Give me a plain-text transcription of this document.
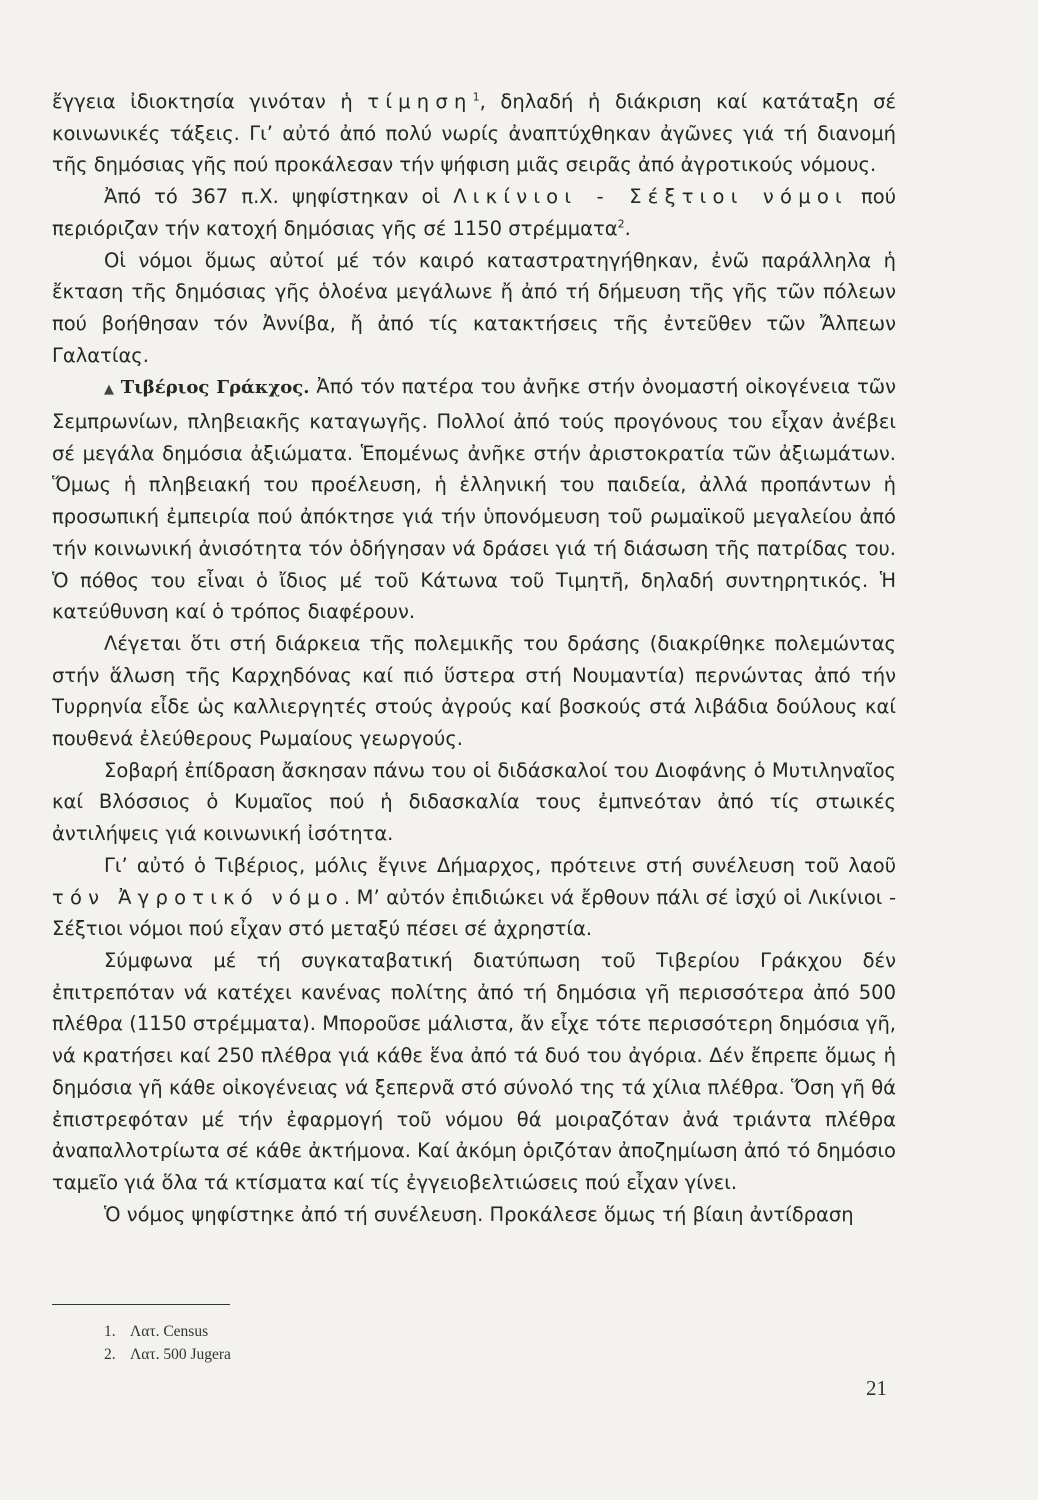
ἔγγεια ἰδιοκτησία γινόταν ἡ τίμηση$^1$, δηλαδή ἡ διάκριση καί κατάταξη σέ κοινωνικές τάξεις. Γι’ αὐτό ἀπό πολύ νωρίς ἀναπτύχθηκαν ἀγῶνες γιά τή διανομή τῆς δημόσιας γῆς πού προκάλεσαν τήν ψήφιση μιᾶς σειρᾶς ἀπό ἀγροτικούς νόμους.

Ἀπό τό 367 π.Χ. ψηφίστηκαν οἱ Λικίνιοι - Σέξτιοι νόμοι πού περιόριζαν τήν κατοχή δημόσιας γῆς σέ 1150 στρέμματα$^2$.

Οἱ νόμοι ὅμως αὐτοί μέ τόν καιρό καταστρατηγήθηκαν, ἐνῶ παράλληλα ἡ ἔκταση τῆς δημόσιας γῆς ὁλοένα μεγάλωνε ἤ ἀπό τή δήμευση τῆς γῆς τῶν πόλεων πού βοήθησαν τόν Ἀννίβα, ἤ ἀπό τίς κατακτήσεις τῆς ἐντεῦθεν τῶν Ἄλπεων Γαλατίας.

▲ Τιβέριος Γράκχος. Ἀπό τόν πατέρα του ἀνῆκε στήν ὀνομαστή οἰκογένεια τῶν Σεμπρωνίων, πληβειακῆς καταγωγῆς. Πολλοί ἀπό τούς προγόνους του εἶχαν ἀνέβει σέ μεγάλα δημόσια ἀξιώματα. Ἑπομένως ἀνῆκε στήν ἀριστοκρατία τῶν ἀξιωμάτων. Ὅμως ἡ πληβειακή του προέλευση, ἡ ἑλληνική του παιδεία, ἀλλά προπάντων ἡ προσωπική ἐμπειρία πού ἀπόκτησε γιά τήν ὑπονόμευση τοῦ ρωμαϊκοῦ μεγαλείου ἀπό τήν κοινωνική ἀνισότητα τόν ὁδήγησαν νά δράσει γιά τή διάσωση τῆς πατρίδας του. Ὁ πόθος του εἶναι ὁ ἴδιος μέ τοῦ Κάτωνα τοῦ Τιμητῆ, δηλαδή συντηρητικός. Ἡ κατεύθυνση καί ὁ τρόπος διαφέρουν.

Λέγεται ὅτι στή διάρκεια τῆς πολεμικῆς του δράσης (διακρίθηκε πολεμώντας στήν ἅλωση τῆς Καρχηδόνας καί πιό ὕστερα στή Νουμαντία) περνώντας ἀπό τήν Τυρρηνία εἶδε ὡς καλλιεργητές στούς ἀγρούς καί βοσκούς στά λιβάδια δούλους καί πουθενά ἐλεύθερους Ρωμαίους γεωργούς.

Σοβαρή ἐπίδραση ἄσκησαν πάνω του οἱ διδάσκαλοί του Διοφάνης ὁ Μυτιληναῖος καί Βλόσσιος ὁ Κυμαῖος πού ἡ διδασκαλία τους ἐμπνεόταν ἀπό τίς στωικές ἀντιλήψεις γιά κοινωνική ἰσότητα.

Γι’ αὐτό ὁ Τιβέριος, μόλις ἔγινε Δήμαρχος, πρότεινε στή συνέλευση τοῦ λαοῦ τόν Ἀγροτικό νόμο. Μ’ αὐτόν ἐπιδιώκει νά ἔρθουν πάλι σέ ἰσχύ οἱ Λικίνιοι - Σέξτιοι νόμοι πού εἶχαν στό μεταξύ πέσει σέ ἀχρηστία.

Σύμφωνα μέ τή συγκαταβατική διατύπωση τοῦ Τιβερίου Γράκχου δέν ἐπιτρεπόταν νά κατέχει κανένας πολίτης ἀπό τή δημόσια γῆ περισσότερα ἀπό 500 πλέθρα (1150 στρέμματα). Μποροῦσε μάλιστα, ἄν εἶχε τότε περισσότερη δημόσια γῆ, νά κρατήσει καί 250 πλέθρα γιά κάθε ἕνα ἀπό τά δυό του ἀγόρια. Δέν ἔπρεπε ὅμως ἡ δημόσια γῆ κάθε οἰκογένειας νά ξεπερνᾶ στό σύνολό της τά χίλια πλέθρα. Ὅση γῆ θά ἐπιστρεφόταν μέ τήν ἐφαρμογή τοῦ νόμου θά μοιραζόταν ἀνά τριάντα πλέθρα ἀναπαλλοτρίωτα σέ κάθε ἀκτήμονα. Καί ἀκόμη ὁριζόταν ἀποζημίωση ἀπό τό δημόσιο ταμεῖο γιά ὅλα τά κτίσματα καί τίς ἐγγειοβελτιώσεις πού εἶχαν γίνει.

Ὁ νόμος ψηφίστηκε ἀπό τή συνέλευση. Προκάλεσε ὅμως τή βίαιη ἀντίδραση

1. Λατ. Census

2. Λατ. 500 Jugera

21
